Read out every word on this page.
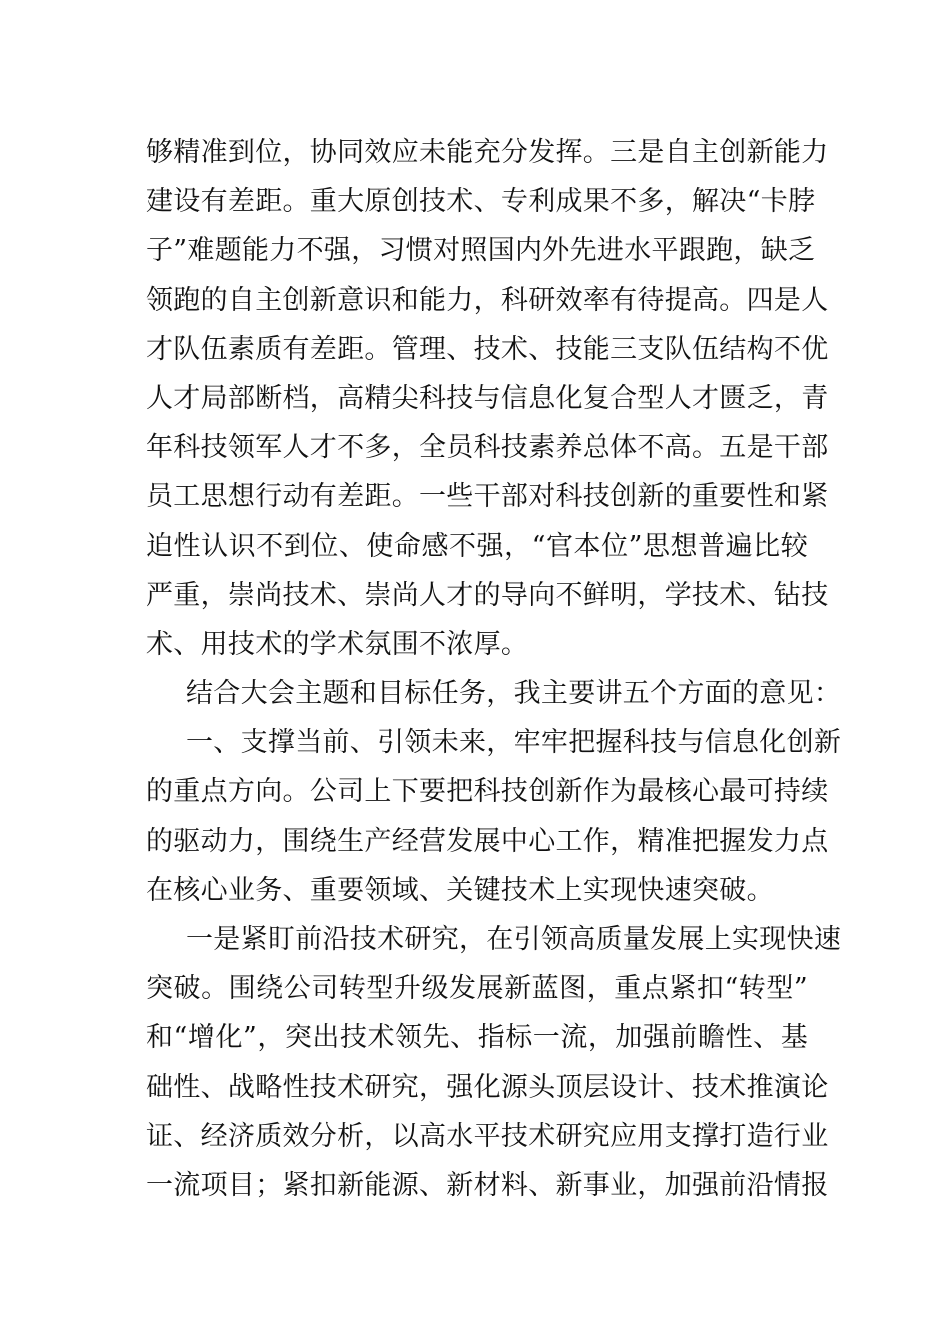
够精准到位，协同效应未能充分发挥。三是自主创新能力
建设有差距。重大原创技术、专利成果不多，解决“卡脖
子”难题能力不强，习惯对照国内外先进水平跟跑，缺乏
领跑的自主创新意识和能力，科研效率有待提高。四是人
才队伍素质有差距。管理、技术、技能三支队伍结构不优
人才局部断档，高精尖科技与信息化复合型人才匮乏，青
年科技领军人才不多，全员科技素养总体不高。五是干部
员工思想行动有差距。一些干部对科技创新的重要性和紧
迫性认识不到位、使命感不强，“官本位”思想普遍比较
严重，崇尚技术、崇尚人才的导向不鲜明，学技术、钻技
术、用技术的学术氛围不浓厚。
结合大会主题和目标任务，我主要讲五个方面的意见：
一、支撑当前、引领未来，牢牢把握科技与信息化创新
的重点方向。公司上下要把科技创新作为最核心最可持续
的驱动力，围绕生产经营发展中心工作，精准把握发力点
在核心业务、重要领域、关键技术上实现快速突破。
一是紧盯前沿技术研究，在引领高质量发展上实现快速
突破。围绕公司转型升级发展新蓝图，重点紧扣“转型”
和“增化”，突出技术领先、指标一流，加强前瞻性、基
础性、战略性技术研究，强化源头顶层设计、技术推演论
证、经济质效分析，以高水平技术研究应用支撑打造行业
一流项目；紧扣新能源、新材料、新事业，加强前沿情报
